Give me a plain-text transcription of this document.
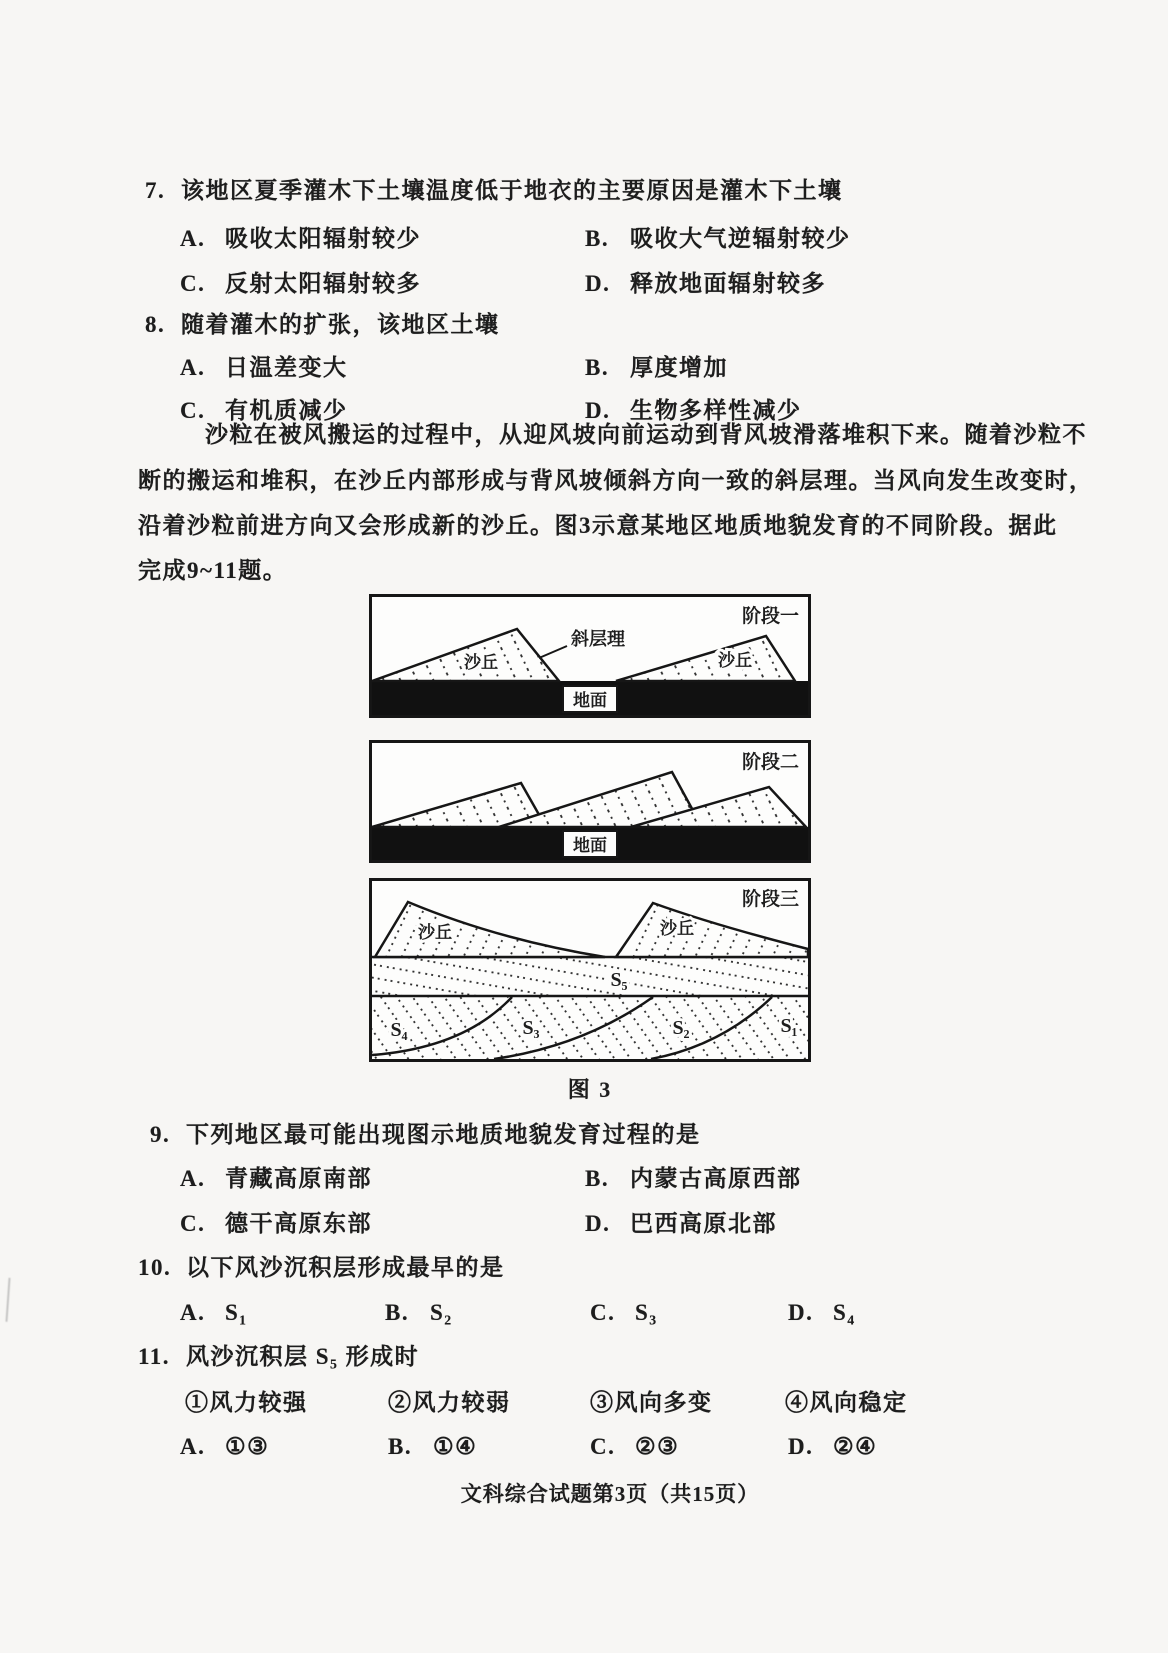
7. 该地区夏季灌木下土壤温度低于地衣的主要原因是灌木下土壤
A. 吸收太阳辐射较少	B. 吸收大气逆辐射较少
C. 反射太阳辐射较多	D. 释放地面辐射较多
8. 随着灌木的扩张，该地区土壤
A. 日温差变大	B. 厚度增加
C. 有机质减少	D. 生物多样性减少
沙粒在被风搬运的过程中，从迎风坡向前运动到背风坡滑落堆积下来。随着沙粒不
断的搬运和堆积，在沙丘内部形成与背风坡倾斜方向一致的斜层理。当风向发生改变时，
沿着沙粒前进方向又会形成新的沙丘。图3示意某地区地质地貌发育的不同阶段。据此
完成9~11题。
阶段一
斜层理
沙丘	沙丘
地面
阶段二
地面
阶段三
沙丘	沙丘
S₅
S₄	S₃	S₂	S₁
图 3
9. 下列地区最可能出现图示地质地貌发育过程的是
A. 青藏高原南部	B. 内蒙古高原西部
C. 德干高原东部	D. 巴西高原北部
10. 以下风沙沉积层形成最早的是
A. S₁	B. S₂	C. S₃	D. S₄
11. 风沙沉积层 S₅ 形成时
①风力较强	②风力较弱	③风向多变	④风向稳定
A. ①③	B. ①④	C. ②③	D. ②④
文科综合试题第3页（共15页）
